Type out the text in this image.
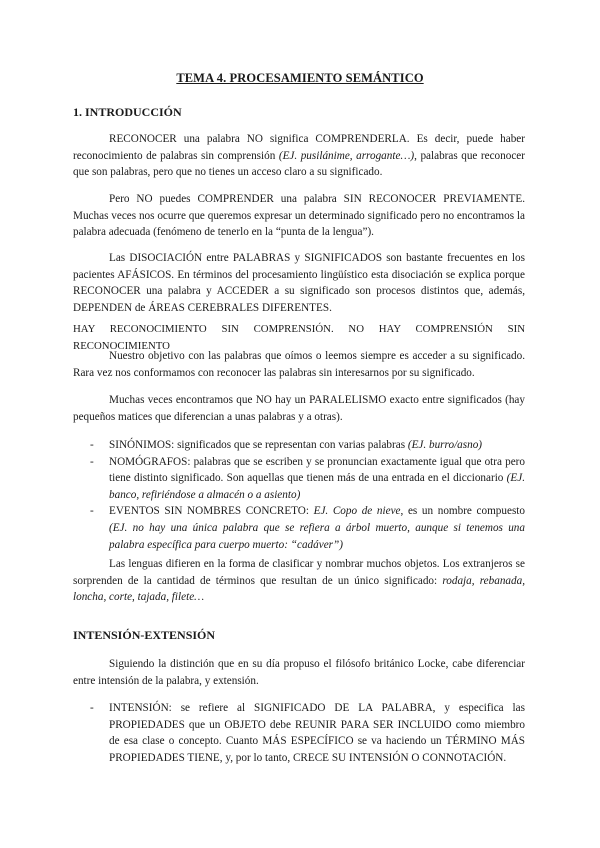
TEMA 4. PROCESAMIENTO SEMÁNTICO
1. INTRODUCCIÓN
RECONOCER una palabra NO significa COMPRENDERLA. Es decir, puede haber reconocimiento de palabras sin comprensión (EJ. pusilánime, arrogante…), palabras que reconocer que son palabras, pero que no tienes un acceso claro a su significado.
Pero NO puedes COMPRENDER una palabra SIN RECONOCER PREVIAMENTE. Muchas veces nos ocurre que queremos expresar un determinado significado pero no encontramos la palabra adecuada (fenómeno de tenerlo en la “punta de la lengua”).
Las DISOCIACIÓN entre PALABRAS y SIGNIFICADOS son bastante frecuentes en los pacientes AFÁSICOS. En términos del procesamiento lingüístico esta disociación se explica porque RECONOCER una palabra y ACCEDER a su significado son procesos distintos que, además, DEPENDEN de ÁREAS CEREBRALES DIFERENTES.
HAY RECONOCIMIENTO SIN COMPRENSIÓN. NO HAY COMPRENSIÓN SIN RECONOCIMIENTO
Nuestro objetivo con las palabras que oímos o leemos siempre es acceder a su significado. Rara vez nos conformamos con reconocer las palabras sin interesarnos por su significado.
Muchas veces encontramos que NO hay un PARALELISMO exacto entre significados (hay pequeños matices que diferencian a unas palabras y a otras).
- SINÓNIMOS: significados que se representan con varias palabras (EJ. burro/asno)
- NOMÓGRAFOS: palabras que se escriben y se pronuncian exactamente igual que otra pero tiene distinto significado. Son aquellas que tienen más de una entrada en el diccionario (EJ. banco, refiriéndose a almacén o a asiento)
- EVENTOS SIN NOMBRES CONCRETO: EJ. Copo de nieve, es un nombre compuesto (EJ. no hay una única palabra que se refiera a árbol muerto, aunque si tenemos una palabra específica para cuerpo muerto: “cadáver”)
Las lenguas difieren en la forma de clasificar y nombrar muchos objetos. Los extranjeros se sorprenden de la cantidad de términos que resultan de un único significado: rodaja, rebanada, loncha, corte, tajada, filete…
INTENSIÓN-EXTENSIÓN
Siguiendo la distinción que en su día propuso el filósofo británico Locke, cabe diferenciar entre intensión de la palabra, y extensión.
- INTENSIÓN: se refiere al SIGNIFICADO DE LA PALABRA, y especifica las PROPIEDADES que un OBJETO debe REUNIR PARA SER INCLUIDO como miembro de esa clase o concepto. Cuanto MÁS ESPECÍFICO se va haciendo un TÉRMINO MÁS PROPIEDADES TIENE, y, por lo tanto, CRECE SU INTENSIÓN O CONNOTACIÓN.
